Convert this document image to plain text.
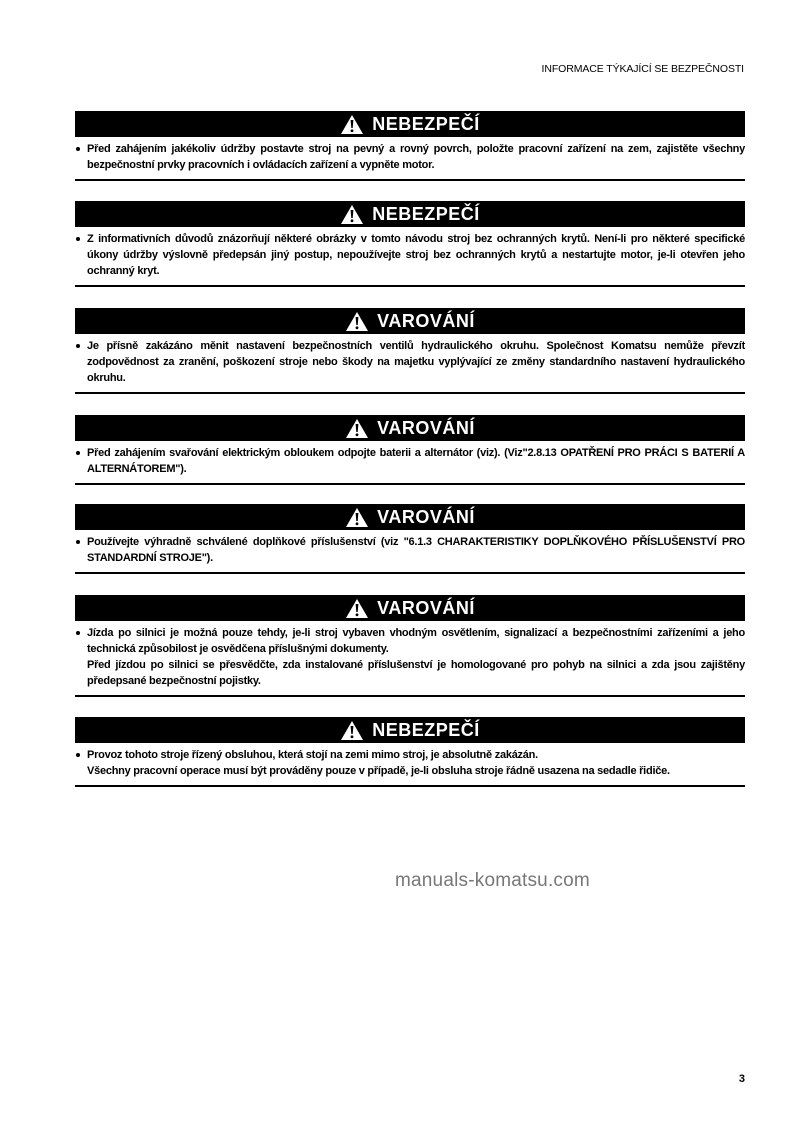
INFORMACE TÝKAJÍCÍ SE BEZPEČNOSTI
NEBEZPEČÍ
Před zahájením jakékoliv údržby postavte stroj na pevný a rovný povrch, položte pracovní zařízení na zem, zajistěte všechny bezpečnostní prvky pracovních i ovládacích zařízení a vypněte motor.
NEBEZPEČÍ
Z informativních důvodů znázorňují některé obrázky v tomto návodu stroj bez ochranných krytů. Není-li pro některé specifické úkony údržby výslovně předepsán jiný postup, nepoužívejte stroj bez ochranných krytů a nestartujte motor, je-li otevřen jeho ochranný kryt.
VAROVÁNÍ
Je přísně zakázáno měnit nastavení bezpečnostních ventilů hydraulického okruhu. Společnost Komatsu nemůže převzít zodpovědnost za zranění, poškození stroje nebo škody na majetku vyplývající ze změny standardního nastavení hydraulického okruhu.
VAROVÁNÍ
Před zahájením svařování elektrickým obloukem odpojte baterii a alternátor (viz). (Viz"2.8.13 OPATŘENÍ PRO PRÁCI S BATERIÍ A ALTERNÁTOREM").
VAROVÁNÍ
Používejte výhradně schválené doplňkové příslušenství (viz "6.1.3 CHARAKTERISTIKY DOPLŇKOVÉHO PŘÍSLUŠENSTVÍ PRO STANDARDNÍ STROJE").
VAROVÁNÍ
Jízda po silnici je možná pouze tehdy, je-li stroj vybaven vhodným osvětlením, signalizací a bezpečnostními zařízeními a jeho technická způsobilost je osvědčena příslušnými dokumenty.
Před jízdou po silnici se přesvědčte, zda instalované příslušenství je homologované pro pohyb na silnici a zda jsou zajištěny předepsané bezpečnostní pojistky.
NEBEZPEČÍ
Provoz tohoto stroje řízený obsluhou, která stojí na zemi mimo stroj, je absolutně zakázán.
Všechny pracovní operace musí být prováděny pouze v případě, je-li obsluha stroje řádně usazena na sedadle řidiče.
manuals-komatsu.com
3
